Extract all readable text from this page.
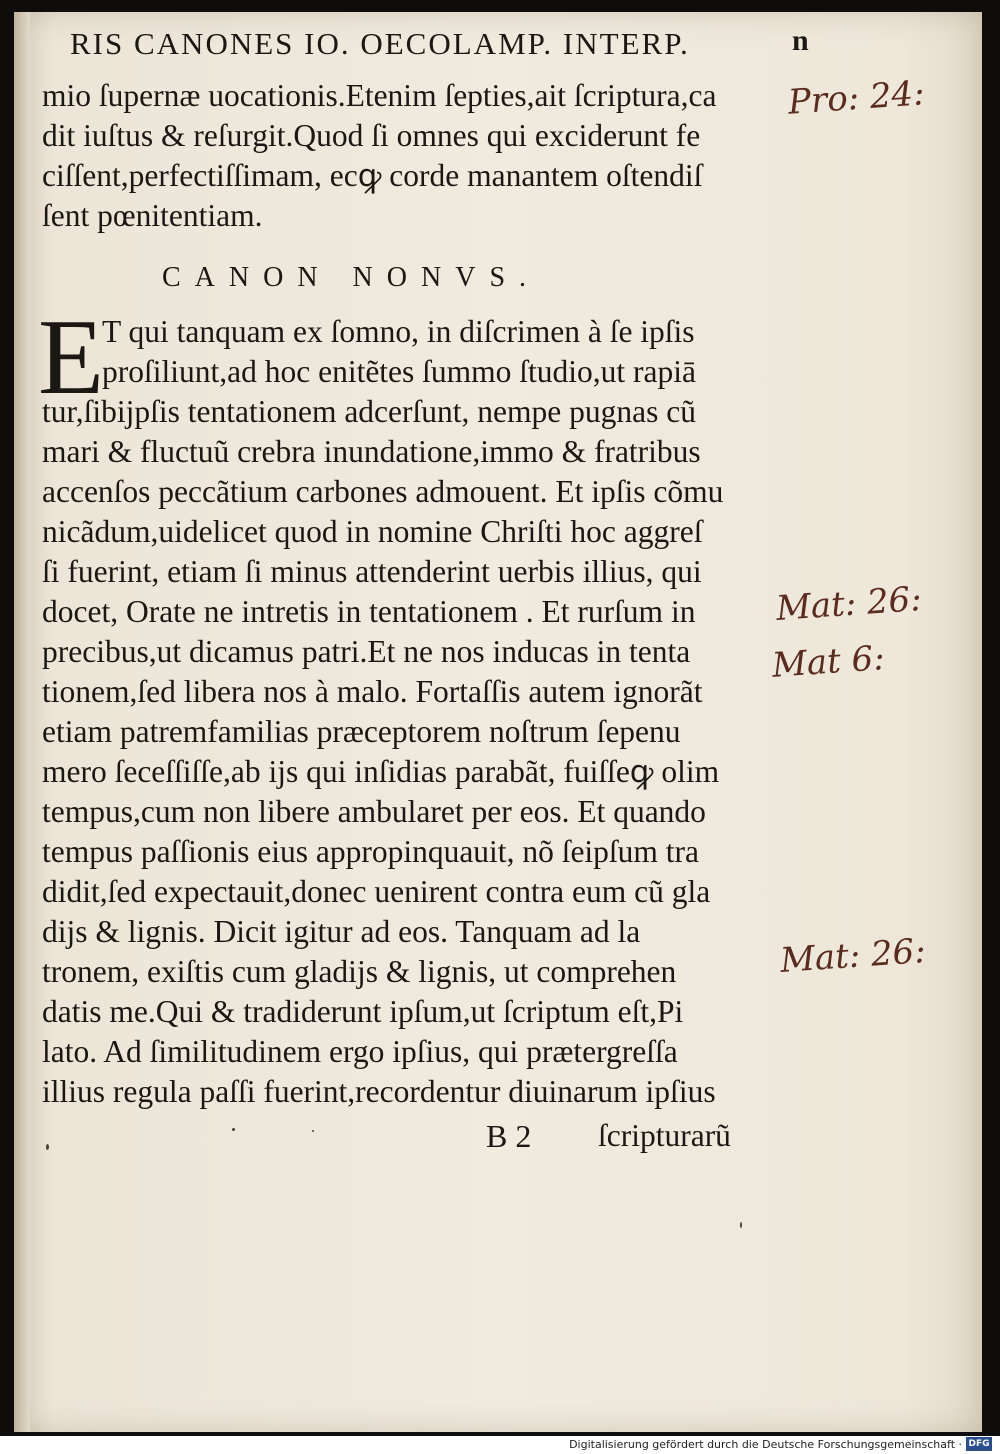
RIS CANONES IO. OECOLAMP. INTERP.	n
mio ſupernæ uocationis.Etenim ſepties,ait ſcriptura,ca
dit iuſtus & reſurgit.Quod ſi omnes qui exciderunt fe
ciſſent,perfectiſſimam, ecꝙ corde manantem oſtendiſ
ſent pœnitentiam.
CANON NONVS.
E
T qui tanquam ex ſomno, in diſcrimen à ſe ipſis
proſiliunt,ad hoc enitẽtes ſummo ſtudio,ut rapiā
tur,ſibijpſis tentationem adcerſunt, nempe pugnas cũ
mari & fluctuũ crebra inundatione,immo & fratribus
accenſos peccãtium carbones admouent. Et ipſis cõmu
nicãdum,uidelicet quod in nomine Chriſti hoc aggreſ
ſi fuerint, etiam ſi minus attenderint uerbis illius, qui
docet, Orate ne intretis in tentationem . Et rurſum in
precibus,ut dicamus patri.Et ne nos inducas in tenta
tionem,ſed libera nos à malo. Fortaſſis autem ignorãt
etiam patremfamilias præceptorem noſtrum ſepenu
mero ſeceſſiſſe,ab ijs qui inſidias parabãt, fuiſſeꝙ olim
tempus,cum non libere ambularet per eos. Et quando
tempus paſſionis eius appropinquauit, nõ ſeipſum tra
didit,ſed expectauit,donec uenirent contra eum cũ gla
dijs & lignis. Dicit igitur ad eos. Tanquam ad la
tronem, exiſtis cum gladijs & lignis, ut comprehen
datis me.Qui & tradiderunt ipſum,ut ſcriptum eſt,Pi
lato. Ad ſimilitudinem ergo ipſius, qui prætergreſſa
illius regula paſſi fuerint,recordentur diuinarum ipſius
B 2 ſcripturarũ
Pro: 24:
Mat: 26:
Mat 6:
Mat: 26:
Digitalisierung gefördert durch die Deutsche Forschungsgemeinschaft · DFG
